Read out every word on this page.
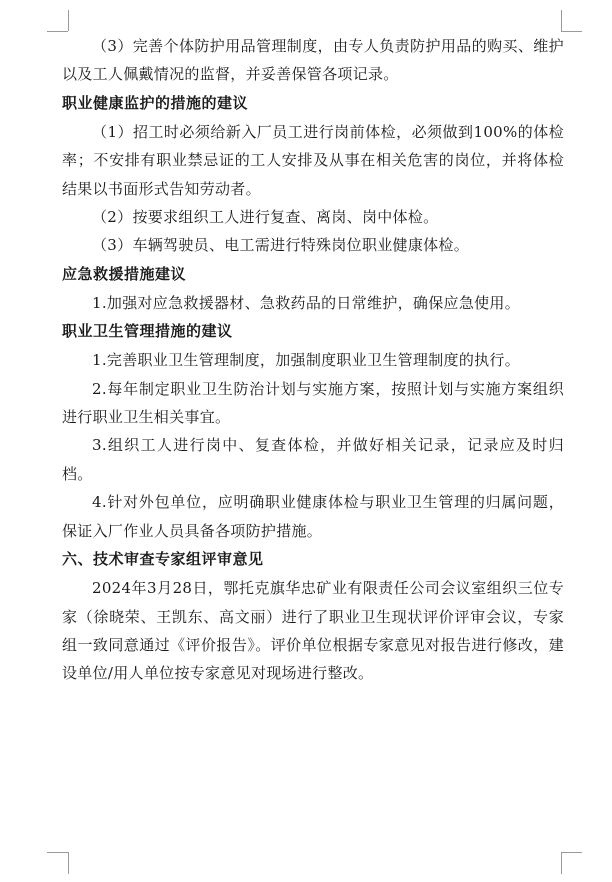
（3）完善个体防护用品管理制度，由专人负责防护用品的购买、维护以及工人佩戴情况的监督，并妥善保管各项记录。

职业健康监护的措施的建议

（1）招工时必须给新入厂员工进行岗前体检，必须做到100%的体检率；不安排有职业禁忌证的工人安排及从事在相关危害的岗位，并将体检结果以书面形式告知劳动者。

（2）按要求组织工人进行复查、离岗、岗中体检。

（3）车辆驾驶员、电工需进行特殊岗位职业健康体检。

应急救援措施建议

1.加强对应急救援器材、急救药品的日常维护，确保应急使用。

职业卫生管理措施的建议

1.完善职业卫生管理制度，加强制度职业卫生管理制度的执行。

2.每年制定职业卫生防治计划与实施方案，按照计划与实施方案组织进行职业卫生相关事宜。

3.组织工人进行岗中、复查体检，并做好相关记录，记录应及时归档。

4.针对外包单位，应明确职业健康体检与职业卫生管理的归属问题，保证入厂作业人员具备各项防护措施。

六、技术审查专家组评审意见

2024年3月28日，鄂托克旗华忠矿业有限责任公司会议室组织三位专家（徐晓荣、王凯东、高文丽）进行了职业卫生现状评价评审会议，专家组一致同意通过《评价报告》。评价单位根据专家意见对报告进行修改，建设单位/用人单位按专家意见对现场进行整改。
